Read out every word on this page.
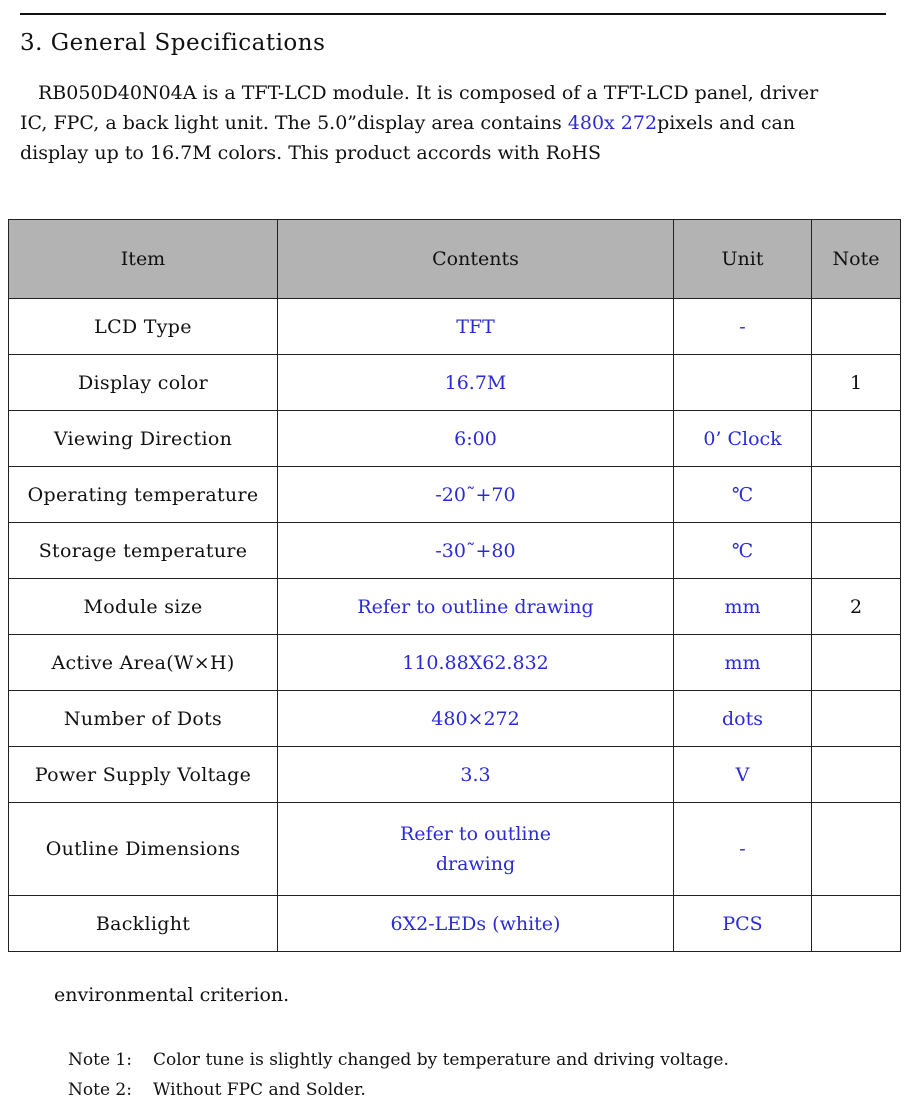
3. General Specifications
RB050D40N04A is a TFT-LCD module. It is composed of a TFT-LCD panel, driver
IC, FPC, a back light unit. The 5.0”display area contains 480x 272pixels and can
display up to 16.7M colors. This product accords with RoHS
Item	Contents	Unit	Note
LCD Type	TFT	-	
Display color	16.7M		1
Viewing Direction	6:00	0’ Clock	
Operating temperature	-20˜+70	℃	
Storage temperature	-30˜+80	℃	
Module size	Refer to outline drawing	mm	2
Active Area(W×H)	110.88X62.832	mm	
Number of Dots	480×272	dots	
Power Supply Voltage	3.3	V	
Outline Dimensions	Refer to outline drawing	-	
Backlight	6X2-LEDs (white)	PCS	
environmental criterion.
Note 1: Color tune is slightly changed by temperature and driving voltage.
Note 2: Without FPC and Solder.
